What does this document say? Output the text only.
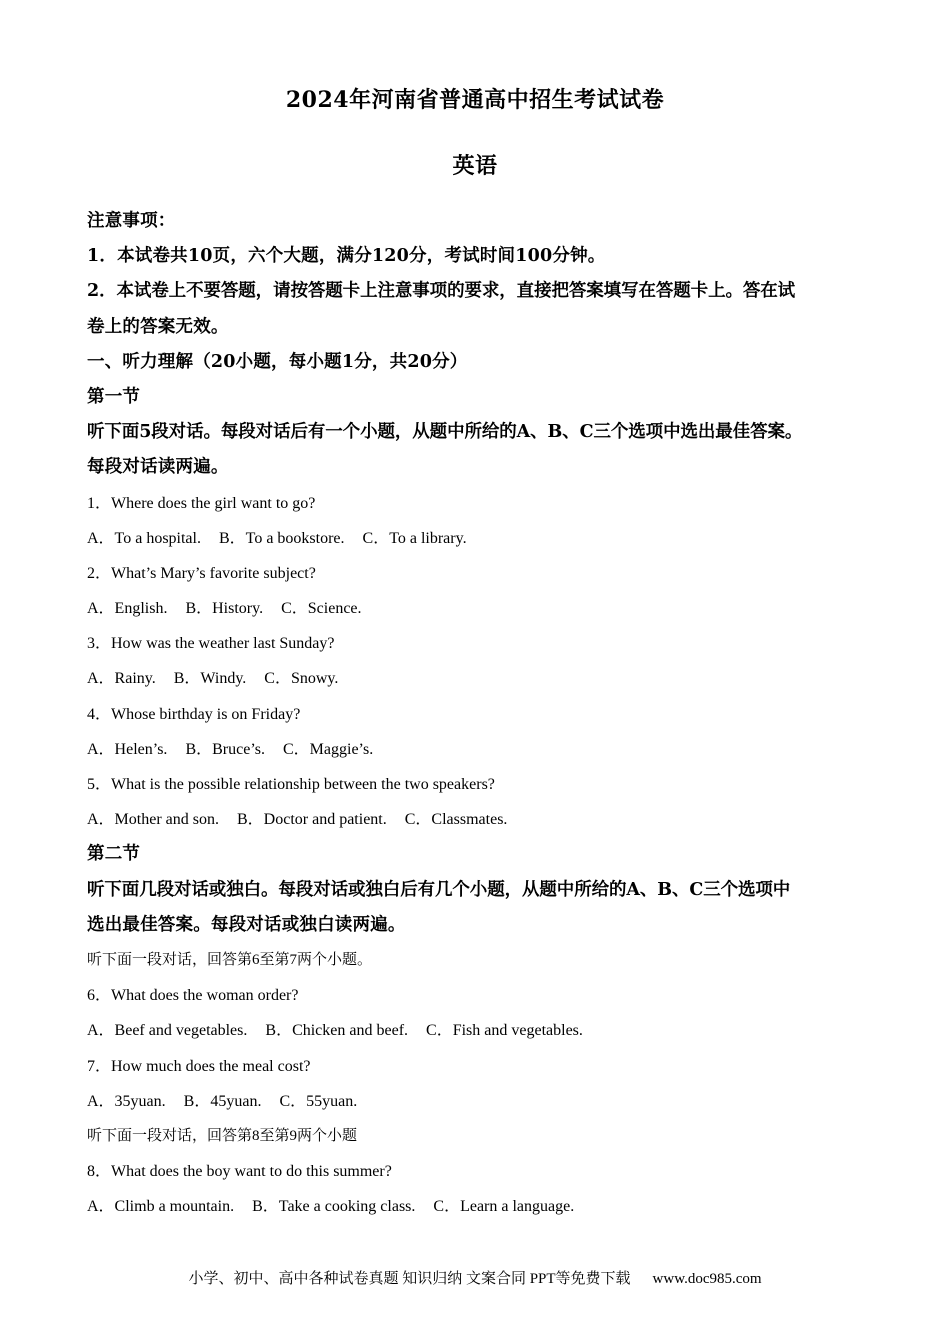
2024年河南省普通高中招生考试试卷
英语
注意事项：
1．本试卷共10页，六个大题，满分120分，考试时间100分钟。
2．本试卷上不要答题，请按答题卡上注意事项的要求，直接把答案填写在答题卡上。答在试
卷上的答案无效。
一、听力理解（20小题，每小题1分，共20分）
第一节
听下面5段对话。每段对话后有一个小题，从题中所给的A、B、C三个选项中选出最佳答案。
每段对话读两遍。
1．Where does the girl want to go?
A．To a hospital. B．To a bookstore. C．To a library.
2．What’s Mary’s favorite subject?
A．English. B．History. C．Science.
3．How was the weather last Sunday?
A．Rainy. B．Windy. C．Snowy.
4．Whose birthday is on Friday?
A．Helen’s. B．Bruce’s. C．Maggie’s.
5．What is the possible relationship between the two speakers?
A．Mother and son. B．Doctor and patient. C．Classmates.
第二节
听下面几段对话或独白。每段对话或独白后有几个小题，从题中所给的A、B、C三个选项中
选出最佳答案。每段对话或独白读两遍。
听下面一段对话，回答第6至第7两个小题。
6．What does the woman order?
A．Beef and vegetables. B．Chicken and beef. C．Fish and vegetables.
7．How much does the meal cost?
A．35yuan. B．45yuan. C．55yuan.
听下面一段对话，回答第8至第9两个小题
8．What does the boy want to do this summer?
A．Climb a mountain. B．Take a cooking class. C．Learn a language.
小学、初中、高中各种试卷真题 知识归纳 文案合同 PPT等免费下载 www.doc985.com
